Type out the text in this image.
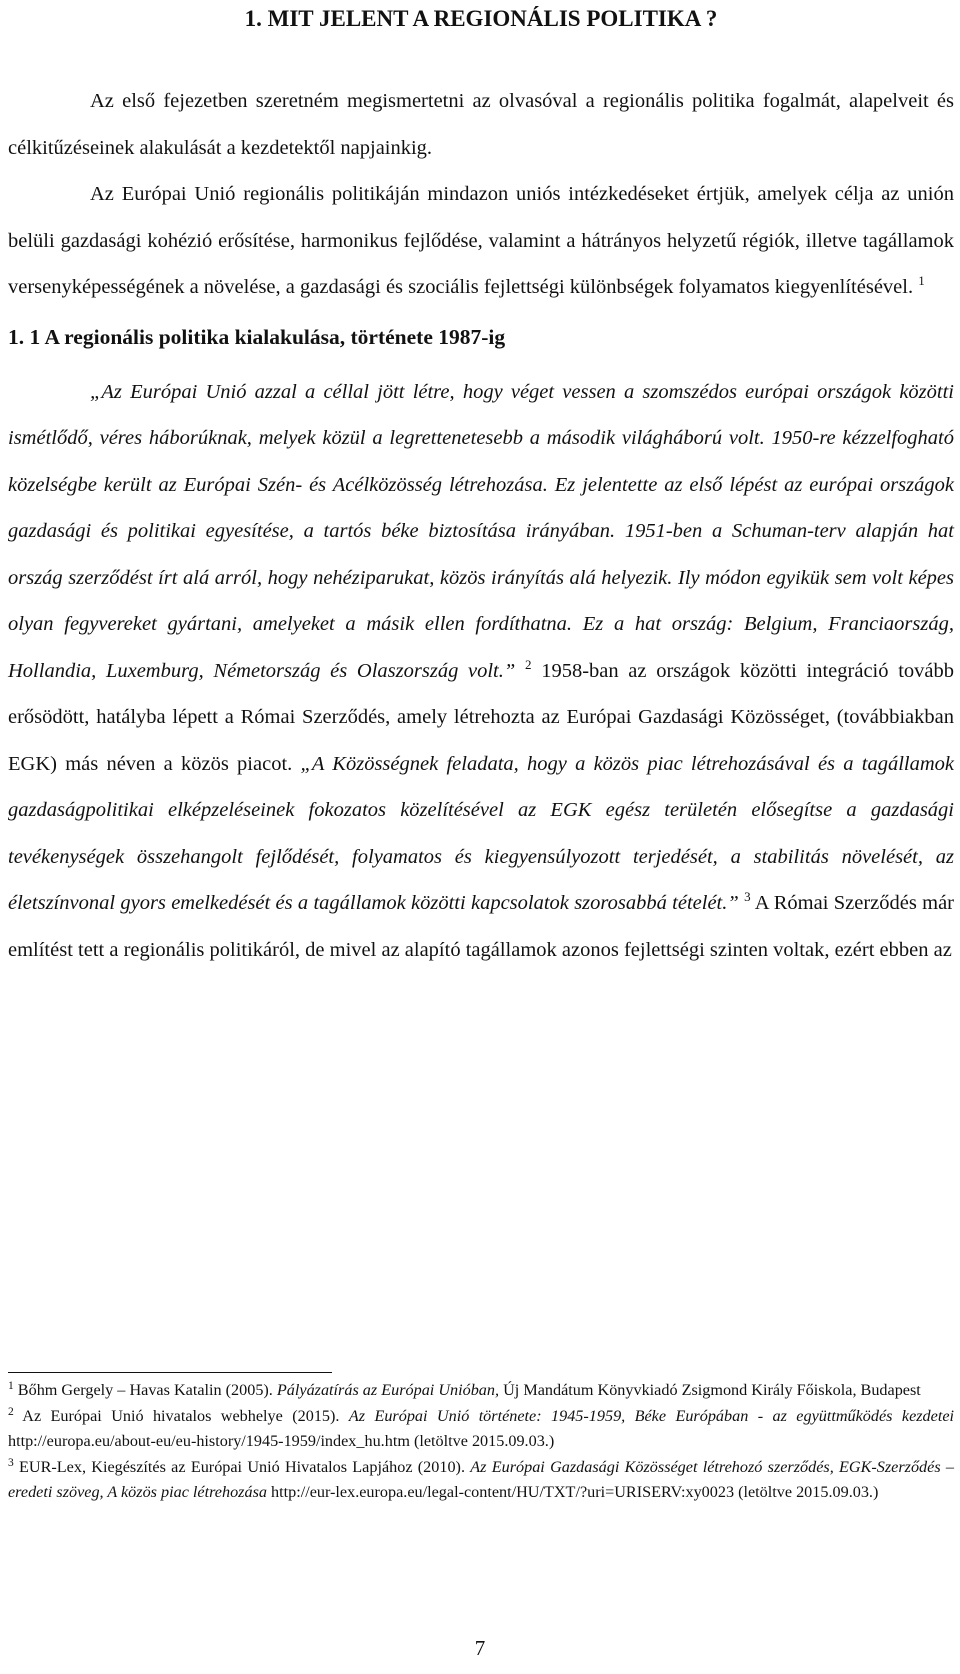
1. MIT JELENT A REGIONÁLIS POLITIKA ?

Az első fejezetben szeretném megismertetni az olvasóval a regionális politika fogalmát, alapelveit és célkitűzéseinek alakulását a kezdetektől napjainkig.

Az Európai Unió regionális politikáján mindazon uniós intézkedéseket értjük, amelyek célja az unión belüli gazdasági kohézió erősítése, harmonikus fejlődése, valamint a hátrányos helyzetű régiók, illetve tagállamok versenyképességének a növelése, a gazdasági és szociális fejlettségi különbségek folyamatos kiegyenlítésével. $^1$

1. 1 A regionális politika kialakulása, története 1987-ig

„Az Európai Unió azzal a céllal jött létre, hogy véget vessen a szomszédos európai országok közötti ismétlődő, véres háborúknak, melyek közül a legrettenetesebb a második világháború volt. 1950-re kézzelfogható közelségbe került az Európai Szén- és Acélközösség létrehozása. Ez jelentette az első lépést az európai országok gazdasági és politikai egyesítése, a tartós béke biztosítása irányában. 1951-ben a Schuman-terv alapján hat ország szerződést írt alá arról, hogy nehéziparukat, közös irányítás alá helyezik. Ily módon egyikük sem volt képes olyan fegyvereket gyártani, amelyeket a másik ellen fordíthatna. Ez a hat ország: Belgium, Franciaország, Hollandia, Luxemburg, Németország és Olaszország volt.” $^2$ 1958-ban az országok közötti integráció tovább erősödött, hatályba lépett a Római Szerződés, amely létrehozta az Európai Gazdasági Közösséget, (továbbiakban EGK) más néven a közös piacot. „A Közösségnek feladata, hogy a közös piac létrehozásával és a tagállamok gazdaságpolitikai elképzeléseinek fokozatos közelítésével az EGK egész területén elősegítse a gazdasági tevékenységek összehangolt fejlődését, folyamatos és kiegyensúlyozott terjedését, a stabilitás növelését, az életszínvonal gyors emelkedését és a tagállamok közötti kapcsolatok szorosabbá tételét.” $^3$ A Római Szerződés már említést tett a regionális politikáról, de mivel az alapító tagállamok azonos fejlettségi szinten voltak, ezért ebben az

$^1$ Bőhm Gergely – Havas Katalin (2005). Pályázatírás az Európai Unióban, Új Mandátum Könyvkiadó Zsigmond Király Főiskola, Budapest

$^2$ Az Európai Unió hivatalos webhelye (2015). Az Európai Unió története: 1945-1959, Béke Európában - az együttműködés kezdetei http://europa.eu/about-eu/eu-history/1945-1959/index_hu.htm (letöltve 2015.09.03.)

$^3$ EUR-Lex, Kiegészítés az Európai Unió Hivatalos Lapjához (2010). Az Európai Gazdasági Közösséget létrehozó szerződés, EGK-Szerződés – eredeti szöveg, A közös piac létrehozása http://eur-lex.europa.eu/legal-content/HU/TXT/?uri=URISERV:xy0023 (letöltve 2015.09.03.)

7
